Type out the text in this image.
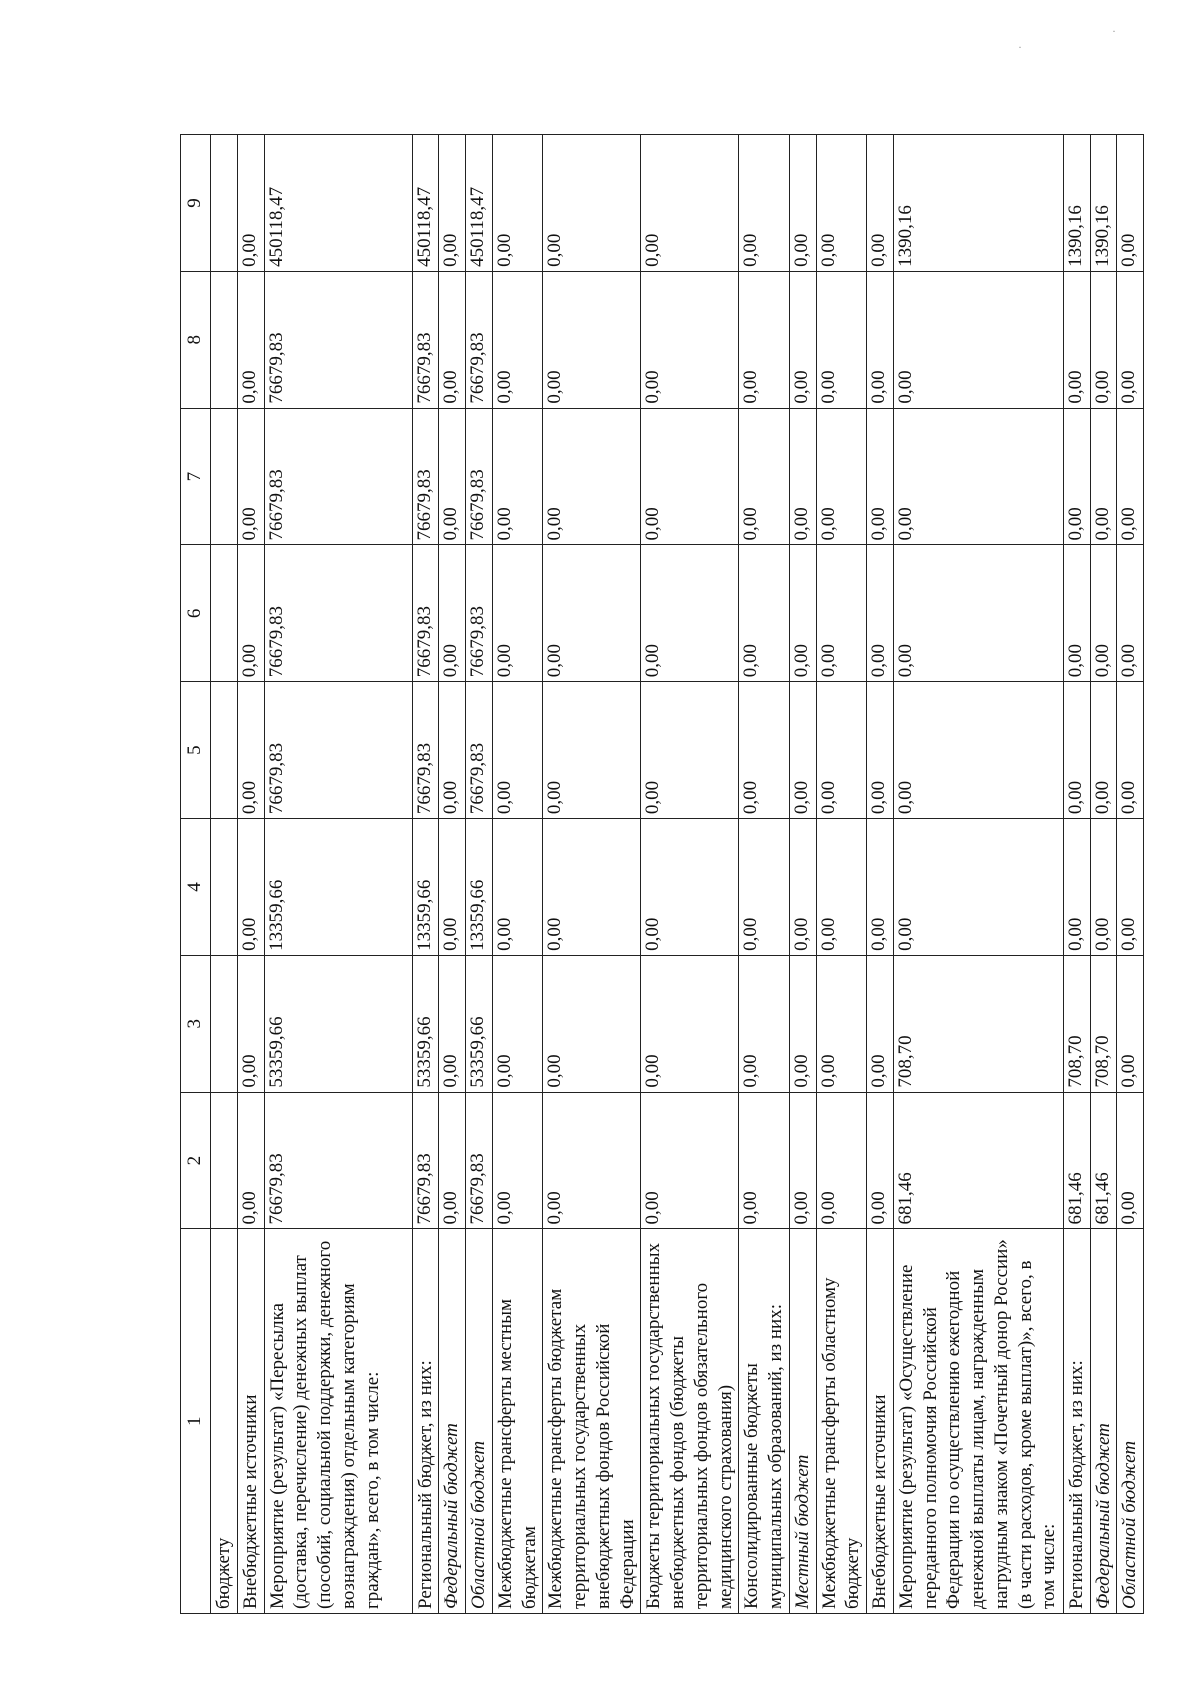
·
·
1	2	3	4	5	6	7	8	9
бюджету								
Внебюджетные источники	0,00	0,00	0,00	0,00	0,00	0,00	0,00	0,00
Мероприятие (результат) «Пересылка (доставка, перечисление) денежных выплат (пособий, социальной поддержки, денежного вознаграждения) отдельным категориям граждан», всего, в том числе:	76679,83	53359,66	13359,66	76679,83	76679,83	76679,83	76679,83	450118,47
Региональный бюджет, из них:	76679,83	53359,66	13359,66	76679,83	76679,83	76679,83	76679,83	450118,47
Федеральный бюджет	0,00	0,00	0,00	0,00	0,00	0,00	0,00	0,00
Областной бюджет	76679,83	53359,66	13359,66	76679,83	76679,83	76679,83	76679,83	450118,47
Межбюджетные трансферты местным бюджетам	0,00	0,00	0,00	0,00	0,00	0,00	0,00	0,00
Межбюджетные трансферты бюджетам территориальных государственных внебюджетных фондов Российской Федерации	0,00	0,00	0,00	0,00	0,00	0,00	0,00	0,00
Бюджеты территориальных государственных внебюджетных фондов (бюджеты территориальных фондов обязательного медицинского страхования)	0,00	0,00	0,00	0,00	0,00	0,00	0,00	0,00
Консолидированные бюджеты муниципальных образований, из них:	0,00	0,00	0,00	0,00	0,00	0,00	0,00	0,00
Местный бюджет	0,00	0,00	0,00	0,00	0,00	0,00	0,00	0,00
Межбюджетные трансферты областному бюджету	0,00	0,00	0,00	0,00	0,00	0,00	0,00	0,00
Внебюджетные источники	0,00	0,00	0,00	0,00	0,00	0,00	0,00	0,00
Мероприятие (результат) «Осуществление переданного полномочия Российской Федерации по осуществлению ежегодной денежной выплаты лицам, награжденным нагрудным знаком «Почетный донор России» (в части расходов, кроме выплат)», всего, в том числе:	681,46	708,70	0,00	0,00	0,00	0,00	0,00	1390,16
Региональный бюджет, из них:	681,46	708,70	0,00	0,00	0,00	0,00	0,00	1390,16
Федеральный бюджет	681,46	708,70	0,00	0,00	0,00	0,00	0,00	1390,16
Областной бюджет	0,00	0,00	0,00	0,00	0,00	0,00	0,00	0,00
